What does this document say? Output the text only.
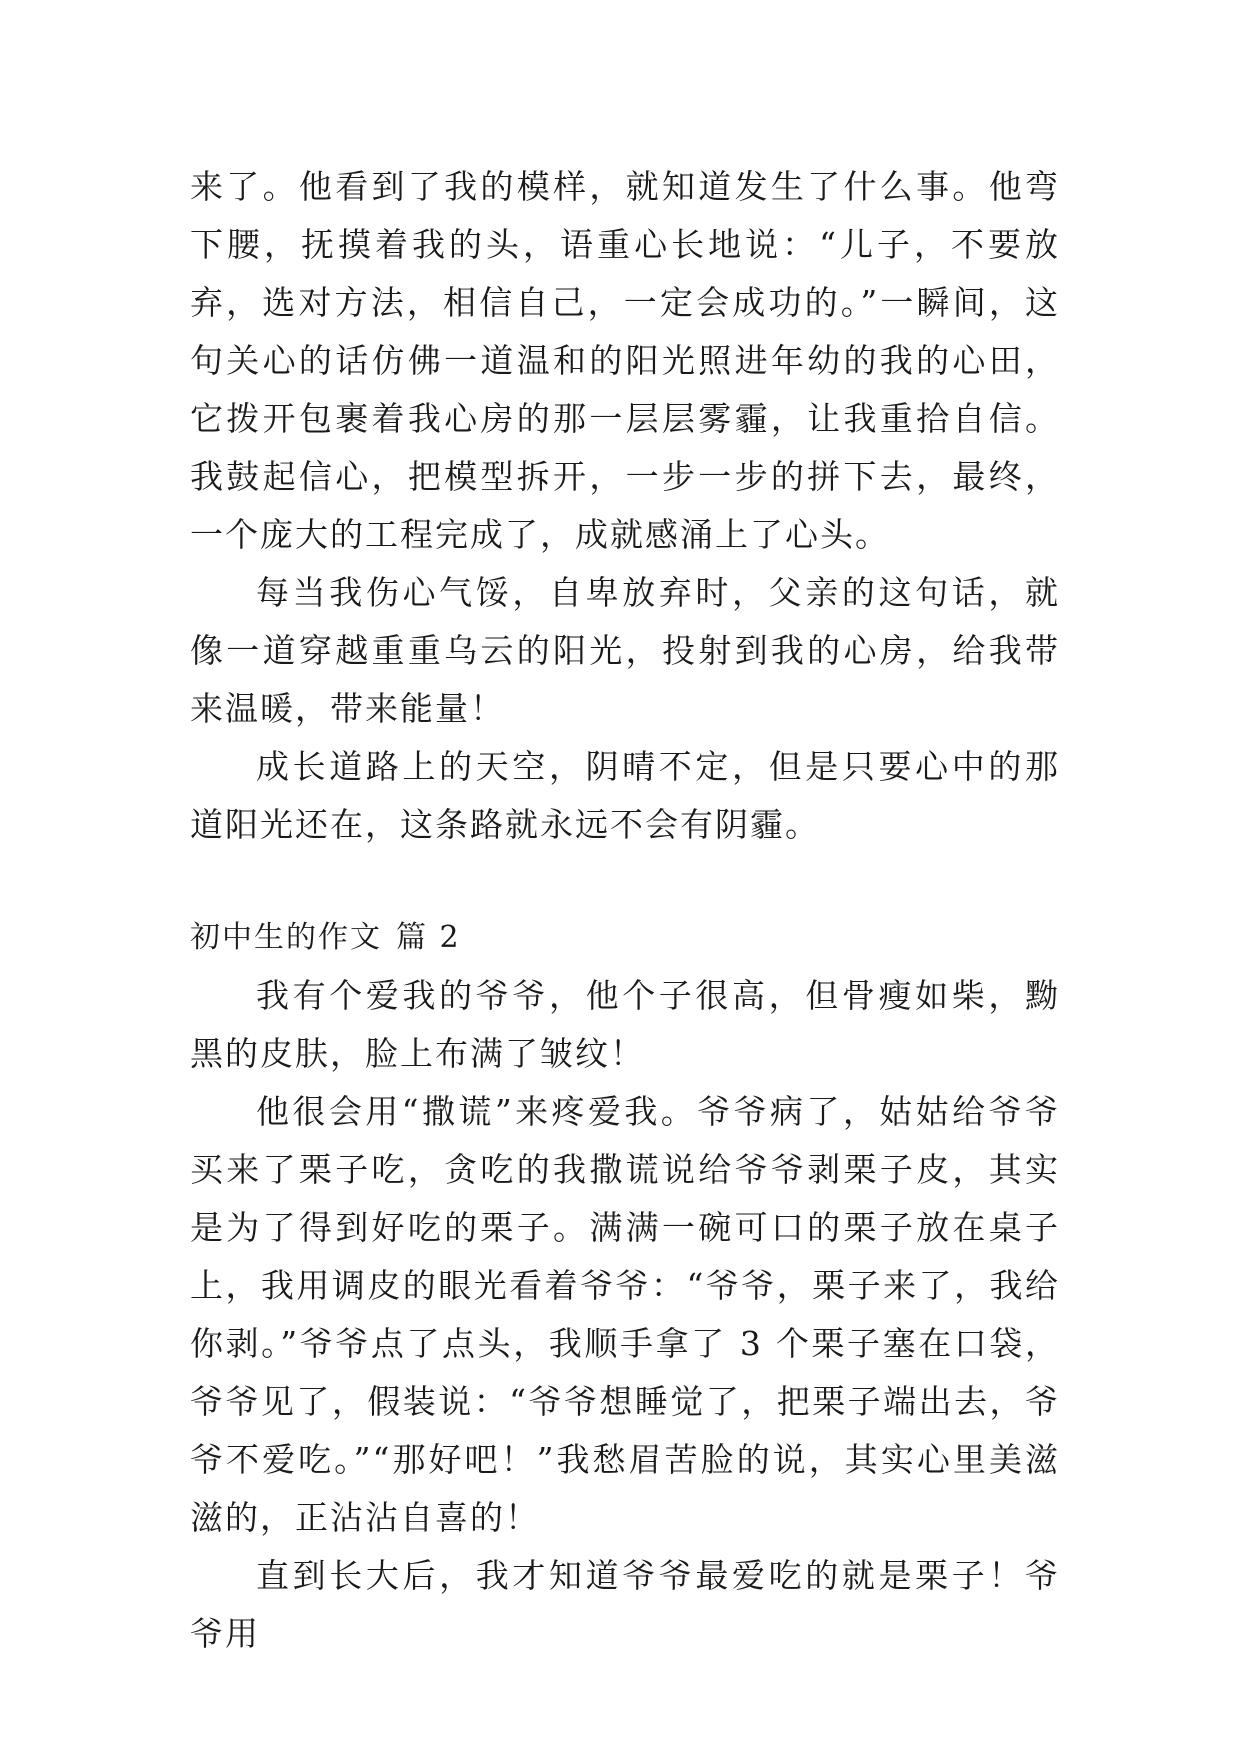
来了。他看到了我的模样，就知道发生了什么事。他弯下腰，抚摸着我的头，语重心长地说：“儿子，不要放弃，选对方法，相信自己，一定会成功的。”一瞬间，这句关心的话仿佛一道温和的阳光照进年幼的我的心田，它拨开包裹着我心房的那一层层雾霾，让我重拾自信。我鼓起信心，把模型拆开，一步一步的拼下去，最终，一个庞大的工程完成了，成就感涌上了心头。

每当我伤心气馁，自卑放弃时，父亲的这句话，就像一道穿越重重乌云的阳光，投射到我的心房，给我带来温暖，带来能量！

成长道路上的天空，阴晴不定，但是只要心中的那道阳光还在，这条路就永远不会有阴霾。

初中生的作文 篇 2

我有个爱我的爷爷，他个子很高，但骨瘦如柴，黝黑的皮肤，脸上布满了皱纹！

他很会用“撒谎”来疼爱我。爷爷病了，姑姑给爷爷买来了栗子吃，贪吃的我撒谎说给爷爷剥栗子皮，其实是为了得到好吃的栗子。满满一碗可口的栗子放在桌子上，我用调皮的眼光看着爷爷：“爷爷，栗子来了，我给你剥。”爷爷点了点头，我顺手拿了 3 个栗子塞在口袋，爷爷见了，假装说：“爷爷想睡觉了，把栗子端出去，爷爷不爱吃。”“那好吧！”我愁眉苦脸的说，其实心里美滋滋的，正沾沾自喜的！

直到长大后，我才知道爷爷最爱吃的就是栗子！爷爷用
